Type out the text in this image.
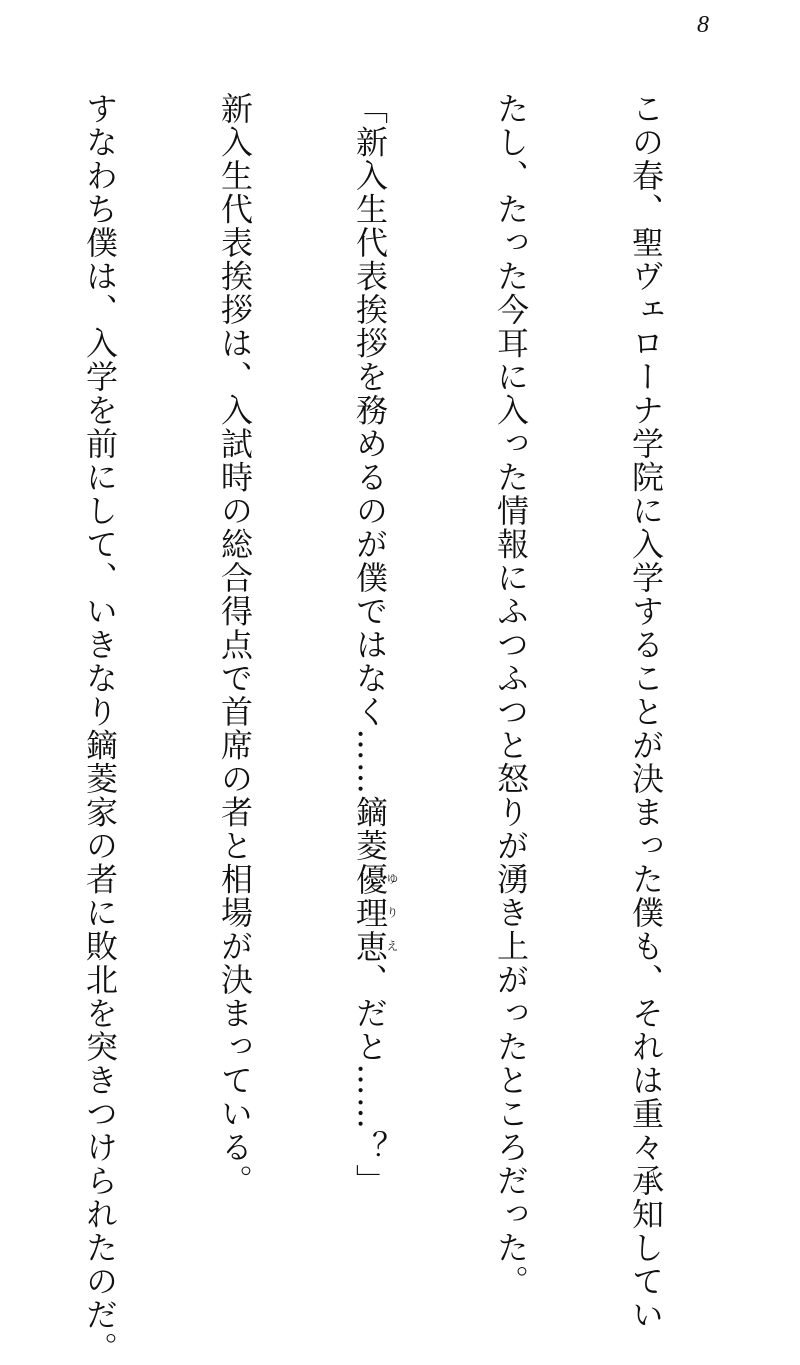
8

この春、聖ヴェローナ学院に入学することが決まった僕も、それは重々承知してい

たし、たった今耳に入った情報にふつふつと怒りが湧き上がったところだった。

「新入生代表挨拶を務めるのが僕ではなく……鏑菱優理恵ゆりえ、だと……？」

新入生代表挨拶は、入試時の総合得点で首席の者と相場が決まっている。

すなわち僕は、入学を前にして、いきなり鏑菱家の者に敗北を突きつけられたのだ。
